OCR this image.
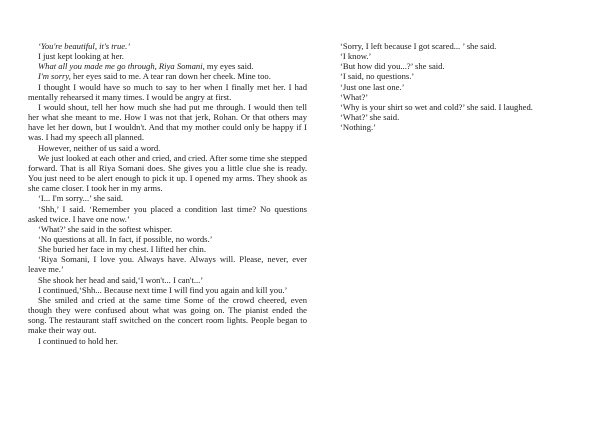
‘You're beautiful, it's true.’

I just kept looking at her.

What all you made me go through, Riya Somani, my eyes said.

I'm sorry, her eyes said to me. A tear ran down her cheek. Mine too.

I thought I would have so much to say to her when I finally met her. I had mentally rehearsed it many times. I would be angry at first.

I would shout, tell her how much she had put me through. I would then tell her what she meant to me. How I was not that jerk, Rohan. Or that others may have let her down, but I wouldn't. And that my mother could only be happy if I was. I had my speech all planned.

However, neither of us said a word.

We just looked at each other and cried, and cried. After some time she stepped forward. That is all Riya Somani does. She gives you a little clue she is ready. You just need to be alert enough to pick it up. I opened my arms. They shook as she came closer. I took her in my arms.

‘I... I'm sorry...’ she said.

‘Shh,’ I said. ‘Remember you placed a condition last time? No questions asked twice. I have one now.’

‘What?’ she said in the softest whisper.

‘No questions at all. In fact, if possible, no words.’

She buried her face in my chest. I lifted her chin.

‘Riya Somani, I love you. Always have. Always will. Please, never, ever leave me.’

She shook her head and said,‘I won't... I can't...’

I continued,‘Shh... Because next time I will find you again and kill you.’

She smiled and cried at the same time Some of the crowd cheered, even though they were confused about what was going on. The pianist ended the song. The restaurant staff switched on the concert room lights. People began to make their way out.

I continued to hold her.

‘Sorry, I left because I got scared... ’ she said.

‘I know.’

‘But how did you...?’ she said.

‘I said, no questions.’

‘Just one last one.’

‘What?’

‘Why is your shirt so wet and cold?’ she said. I laughed.

‘What?’ she said.

‘Nothing.’
